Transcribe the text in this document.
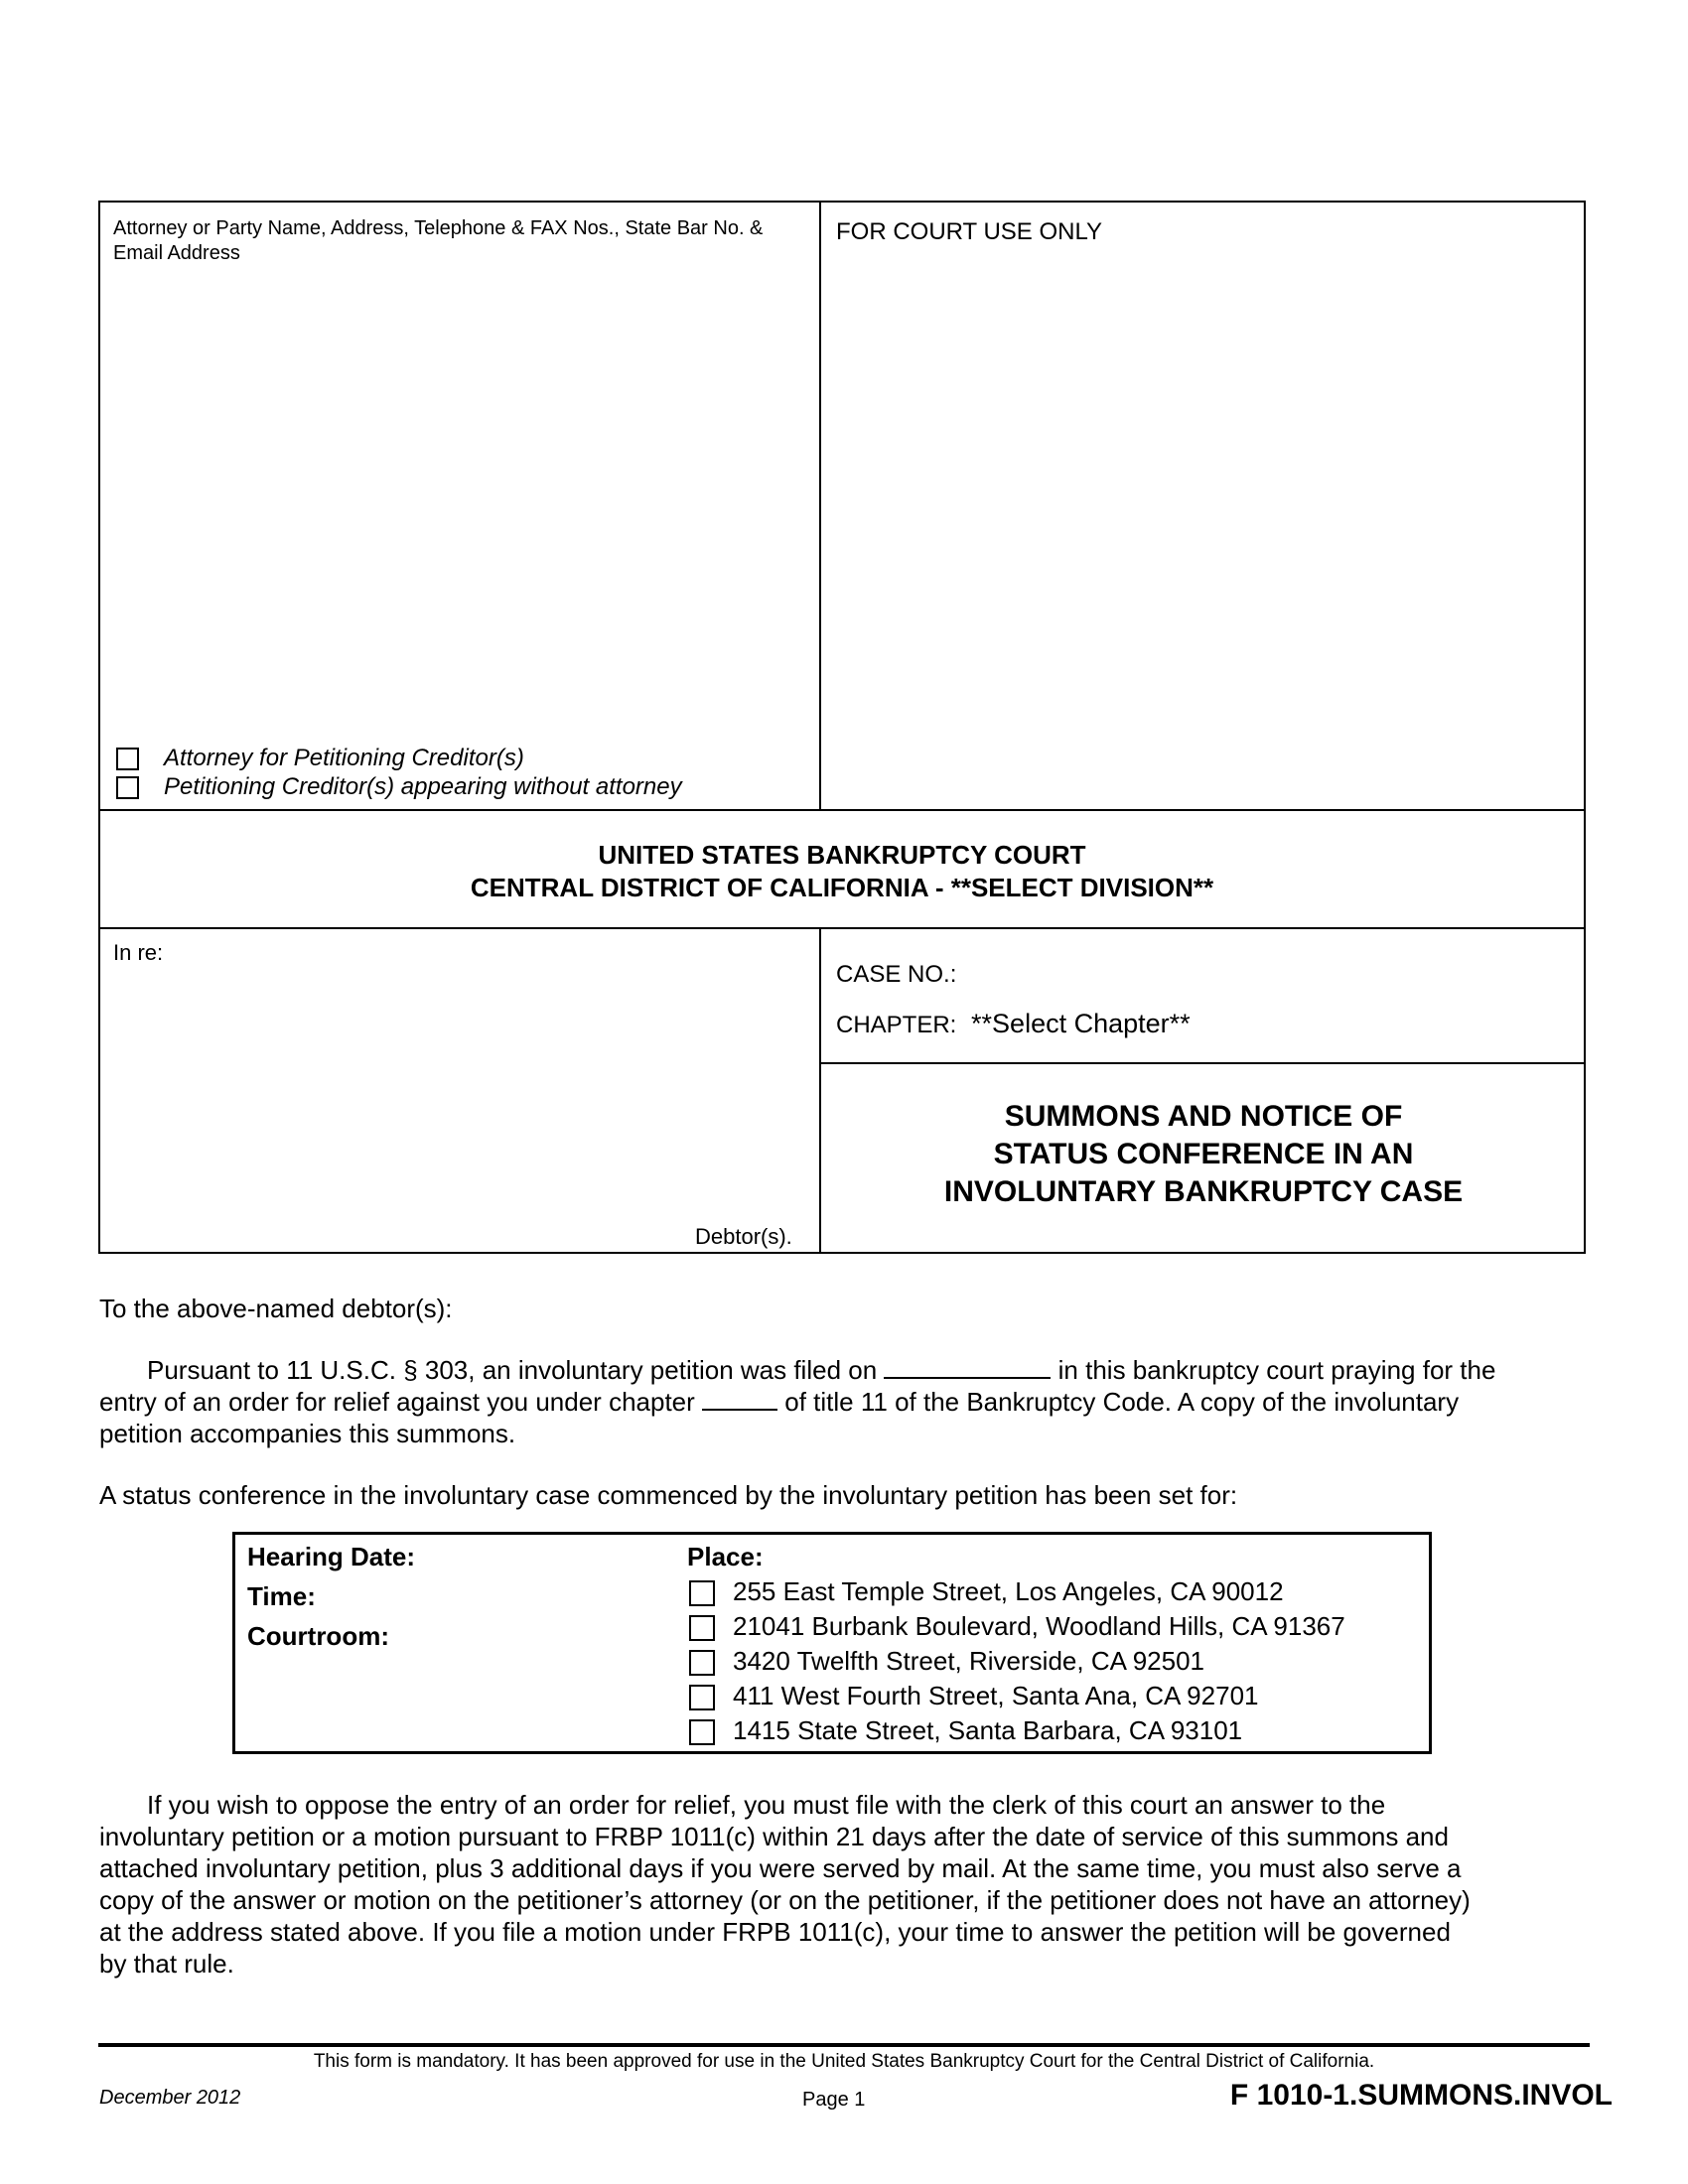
Attorney or Party Name, Address, Telephone & FAX Nos., State Bar No. & Email Address
FOR COURT USE ONLY
Attorney for Petitioning Creditor(s)
Petitioning Creditor(s) appearing without attorney
UNITED STATES BANKRUPTCY COURT
CENTRAL DISTRICT OF CALIFORNIA - **SELECT DIVISION**
In re:
Debtor(s).
CASE NO.:
CHAPTER: **Select Chapter**
SUMMONS AND NOTICE OF
STATUS CONFERENCE IN AN
INVOLUNTARY BANKRUPTCY CASE
To the above-named debtor(s):
Pursuant to 11 U.S.C. § 303, an involuntary petition was filed on	in this bankruptcy court praying for the
entry of an order for relief against you under chapter	of title 11 of the Bankruptcy Code. A copy of the involuntary
petition accompanies this summons.
A status conference in the involuntary case commenced by the involuntary petition has been set for:
Hearing Date:
Time:
Courtroom:
Place:
255 East Temple Street, Los Angeles, CA 90012
21041 Burbank Boulevard, Woodland Hills, CA 91367
3420 Twelfth Street, Riverside, CA 92501
411 West Fourth Street, Santa Ana, CA 92701
1415 State Street, Santa Barbara, CA 93101
If you wish to oppose the entry of an order for relief, you must file with the clerk of this court an answer to the
involuntary petition or a motion pursuant to FRBP 1011(c) within 21 days after the date of service of this summons and
attached involuntary petition, plus 3 additional days if you were served by mail. At the same time, you must also serve a
copy of the answer or motion on the petitioner’s attorney (or on the petitioner, if the petitioner does not have an attorney)
at the address stated above. If you file a motion under FRPB 1011(c), your time to answer the petition will be governed
by that rule.
This form is mandatory. It has been approved for use in the United States Bankruptcy Court for the Central District of California.
December 2012	Page 1	F 1010-1.SUMMONS.INVOL
